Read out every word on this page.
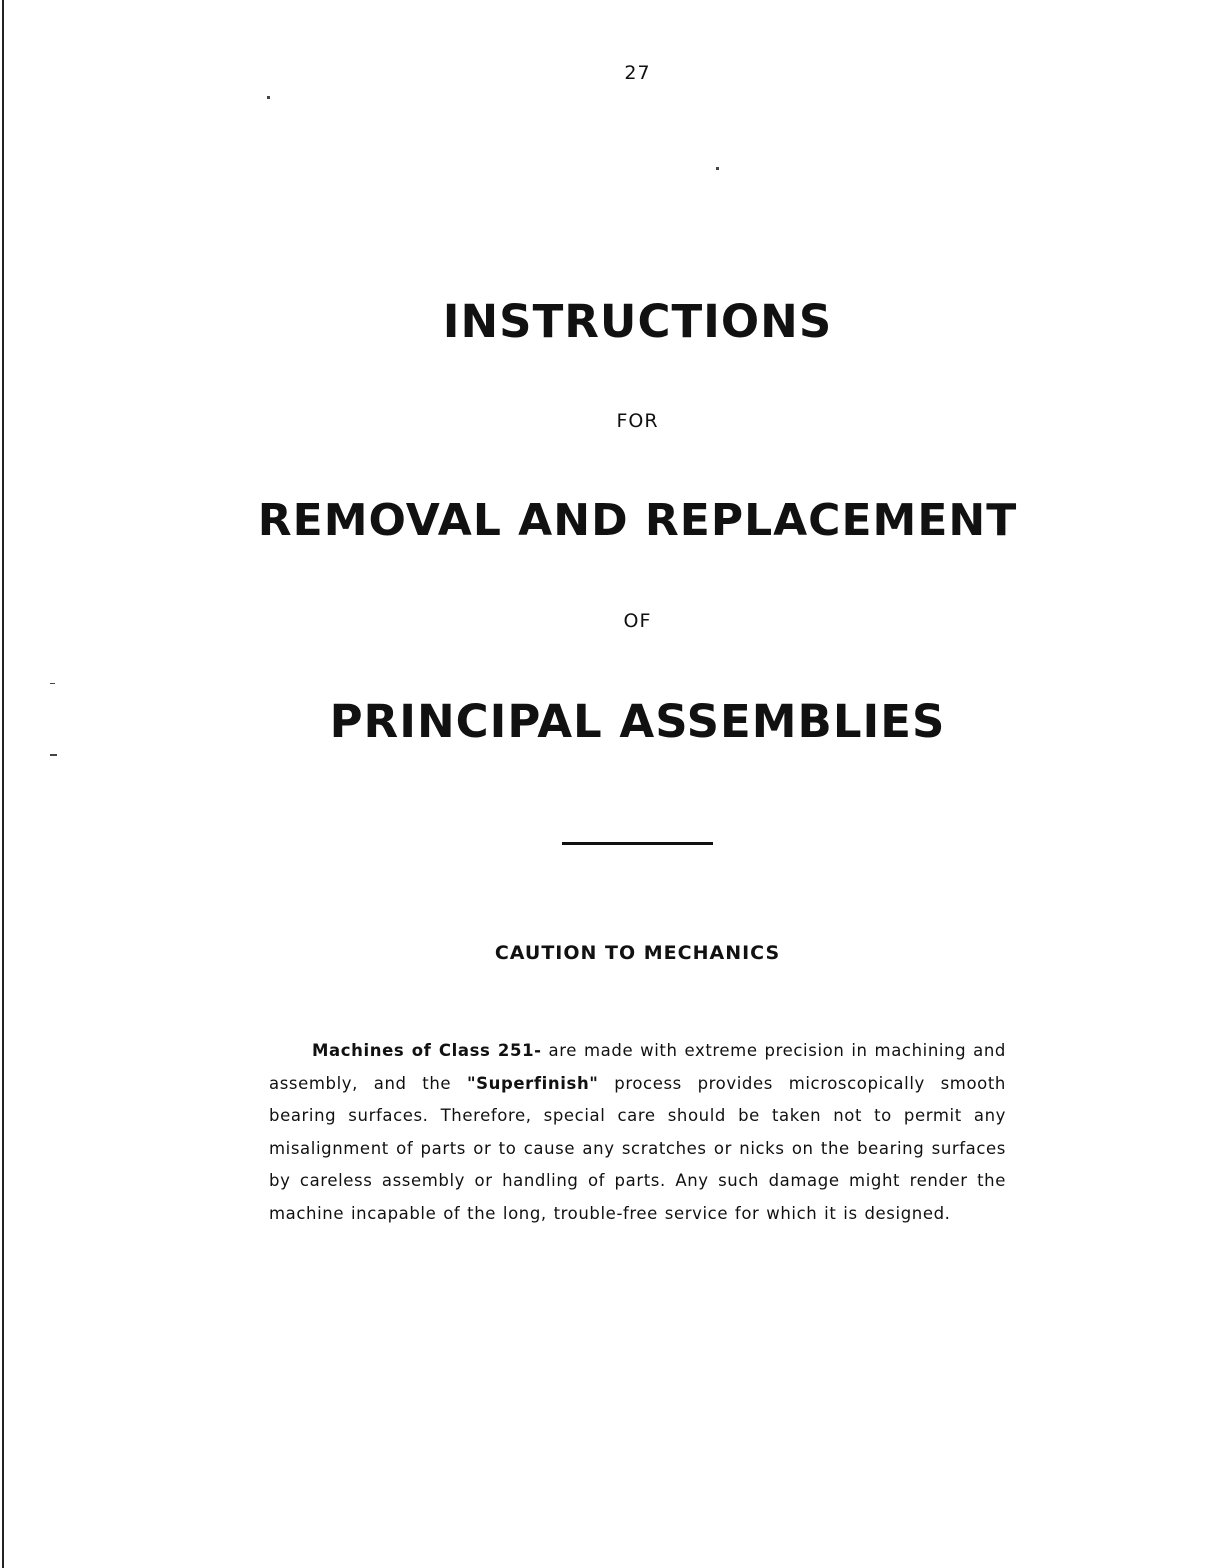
27
INSTRUCTIONS
FOR
REMOVAL AND REPLACEMENT
OF
PRINCIPAL ASSEMBLIES
CAUTION TO MECHANICS

Machines of Class 251- are made with extreme precision in machining and assembly, and the "Superfinish" process provides microscopically smooth bearing surfaces. Therefore, special care should be taken not to permit any misalignment of parts or to cause any scratches or nicks on the bearing surfaces by careless assembly or handling of parts. Any such damage might render the machine incapable of the long, trouble-free service for which it is designed.
